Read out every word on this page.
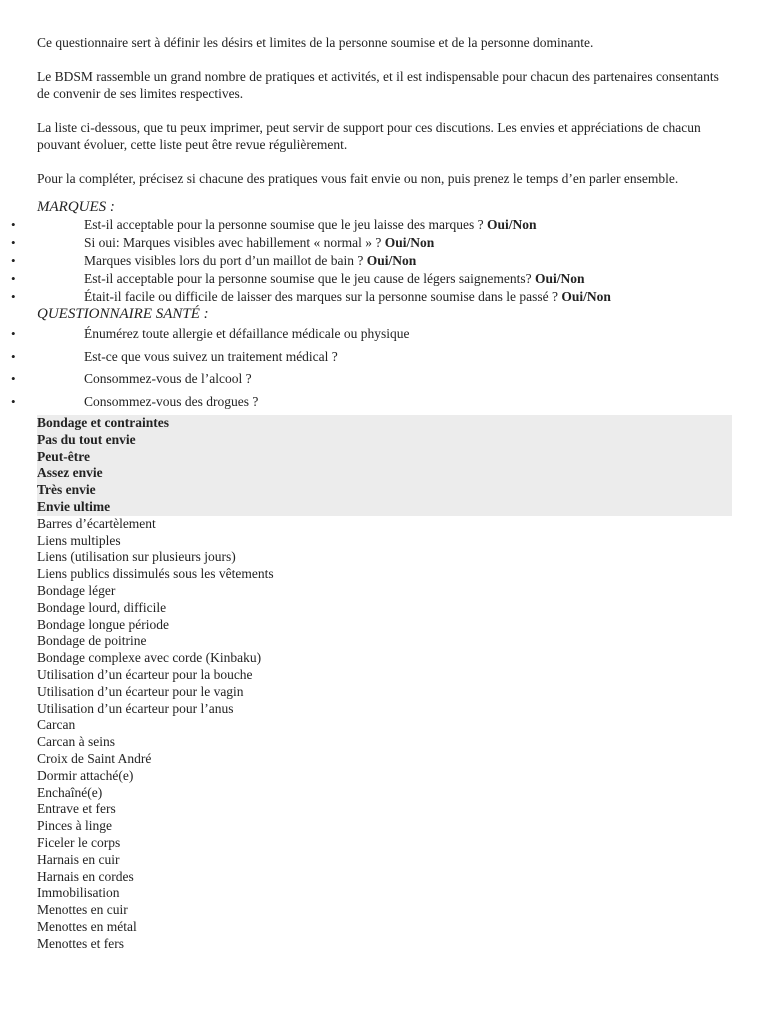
Ce questionnaire sert à définir les désirs et limites de la personne soumise et de la personne dominante.

Le BDSM rassemble un grand nombre de pratiques et activités, et il est indispensable pour chacun des partenaires consentants de convenir de ses limites respectives.

La liste ci-dessous, que tu peux imprimer, peut servir de support pour ces discutions. Les envies et appréciations de chacun pouvant évoluer, cette liste peut être revue régulièrement.

Pour la compléter, précisez si chacune des pratiques vous fait envie ou non, puis prenez le temps d’en parler ensemble.

MARQUES :
• Est-il acceptable pour la personne soumise que le jeu laisse des marques ? Oui/Non
• Si oui: Marques visibles avec habillement « normal » ? Oui/Non
• Marques visibles lors du port d’un maillot de bain ? Oui/Non
• Est-il acceptable pour la personne soumise que le jeu cause de légers saignements? Oui/Non
• Était-il facile ou difficile de laisser des marques sur la personne soumise dans le passé ? Oui/Non
QUESTIONNAIRE SANTÉ :
• Énumérez toute allergie et défaillance médicale ou physique
• Est-ce que vous suivez un traitement médical ?
• Consommez-vous de l’alcool ?
• Consommez-vous des drogues ?
Bondage et contraintes
Pas du tout envie
Peut-être
Assez envie
Très envie
Envie ultime
Barres d’écartèlement
Liens multiples
Liens (utilisation sur plusieurs jours)
Liens publics dissimulés sous les vêtements
Bondage léger
Bondage lourd, difficile
Bondage longue période
Bondage de poitrine
Bondage complexe avec corde (Kinbaku)
Utilisation d’un écarteur pour la bouche
Utilisation d’un écarteur pour le vagin
Utilisation d’un écarteur pour l’anus
Carcan
Carcan à seins
Croix de Saint André
Dormir attaché(e)
Enchaîné(e)
Entrave et fers
Pinces à linge
Ficeler le corps
Harnais en cuir
Harnais en cordes
Immobilisation
Menottes en cuir
Menottes en métal
Menottes et fers
